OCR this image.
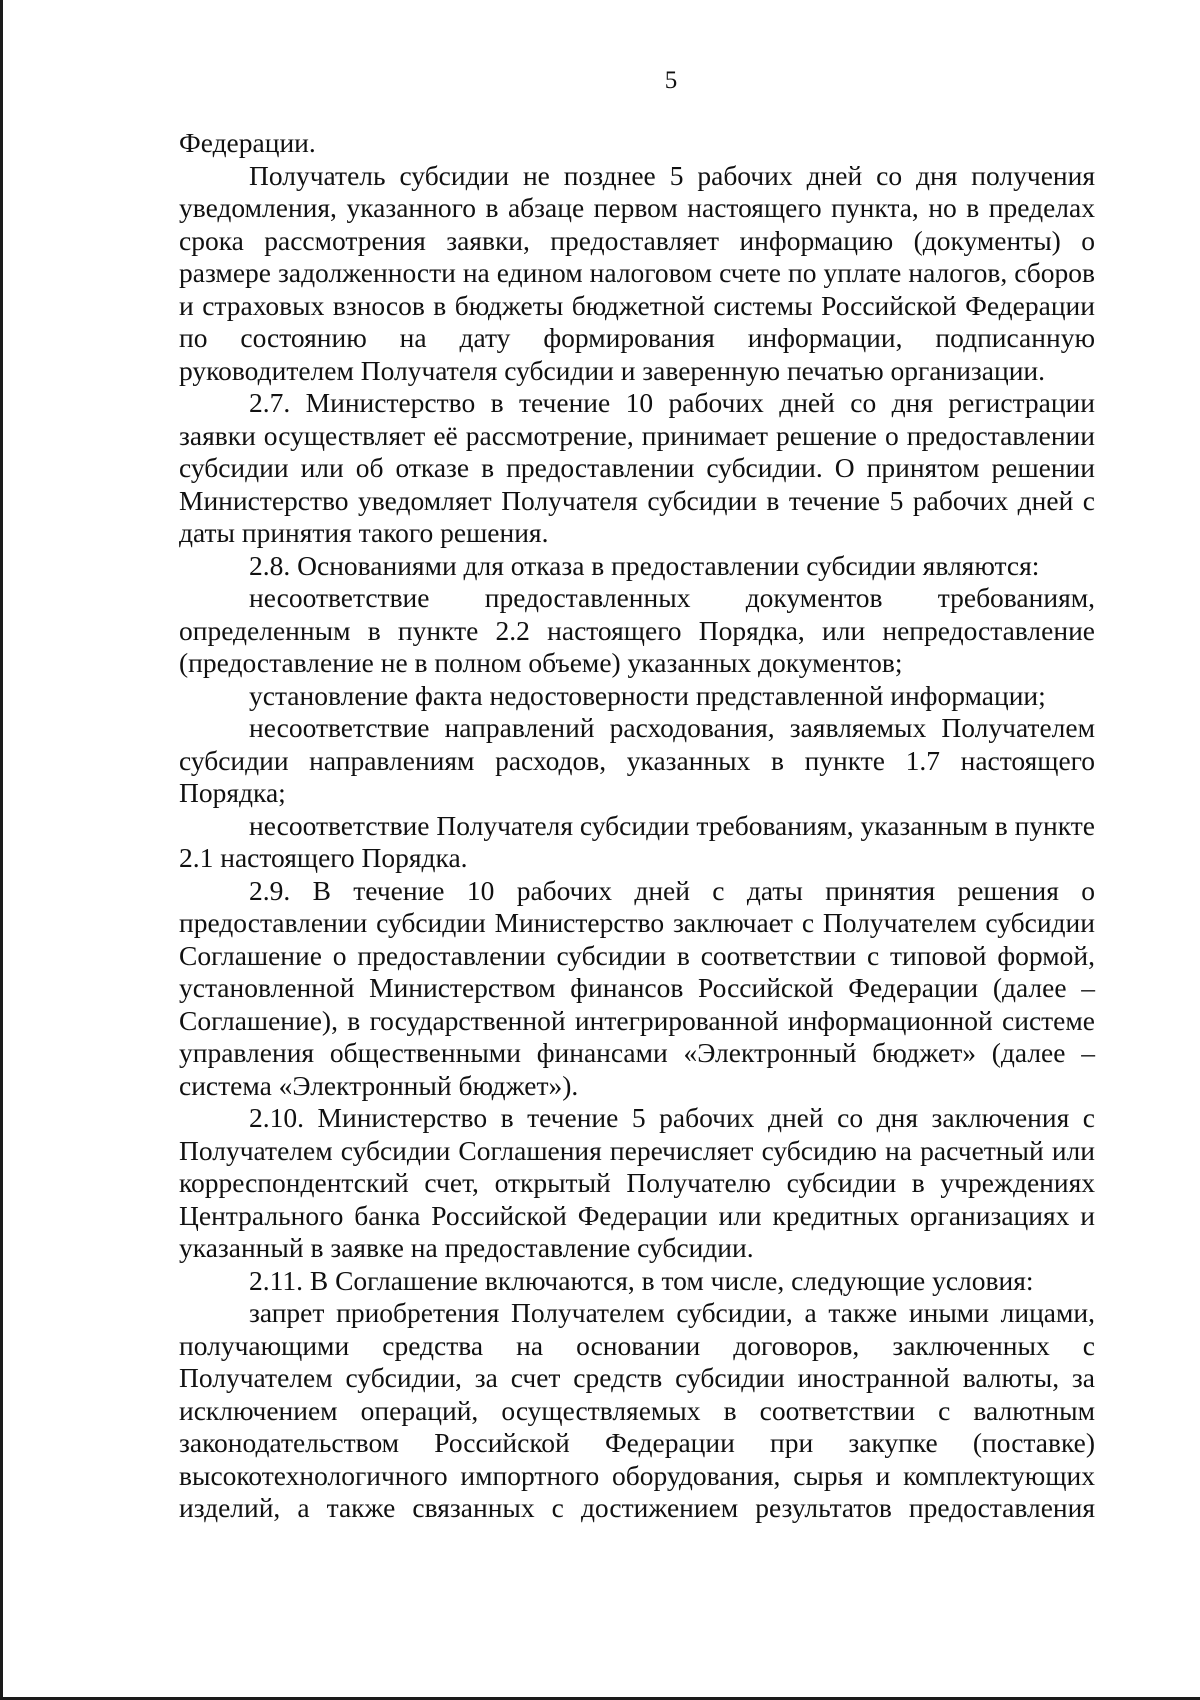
5

Федерации.

Получатель субсидии не позднее 5 рабочих дней со дня получения уведомления, указанного в абзаце первом настоящего пункта, но в пределах срока рассмотрения заявки, предоставляет информацию (документы) о размере задолженности на едином налоговом счете по уплате налогов, сборов и страховых взносов в бюджеты бюджетной системы Российской Федерации по состоянию на дату формирования информации, подписанную руководителем Получателя субсидии и заверенную печатью организации.

2.7. Министерство в течение 10 рабочих дней со дня регистрации заявки осуществляет её рассмотрение, принимает решение о предоставлении субсидии или об отказе в предоставлении субсидии. О принятом решении Министерство уведомляет Получателя субсидии в течение 5 рабочих дней с даты принятия такого решения.

2.8. Основаниями для отказа в предоставлении субсидии являются:

несоответствие предоставленных документов требованиям, определенным в пункте 2.2 настоящего Порядка, или непредоставление (предоставление не в полном объеме) указанных документов;

установление факта недостоверности представленной информации;

несоответствие направлений расходования, заявляемых Получателем субсидии направлениям расходов, указанных в пункте 1.7 настоящего Порядка;

несоответствие Получателя субсидии требованиям, указанным в пункте 2.1 настоящего Порядка.

2.9. В течение 10 рабочих дней с даты принятия решения о предоставлении субсидии Министерство заключает с Получателем субсидии Соглашение о предоставлении субсидии в соответствии с типовой формой, установленной Министерством финансов Российской Федерации (далее – Соглашение), в государственной интегрированной информационной системе управления общественными финансами «Электронный бюджет» (далее – система «Электронный бюджет»).

2.10. Министерство в течение 5 рабочих дней со дня заключения с Получателем субсидии Соглашения перечисляет субсидию на расчетный или корреспондентский счет, открытый Получателю субсидии в учреждениях Центрального банка Российской Федерации или кредитных организациях и указанный в заявке на предоставление субсидии.

2.11. В Соглашение включаются, в том числе, следующие условия:

запрет приобретения Получателем субсидии, а также иными лицами, получающими средства на основании договоров, заключенных с Получателем субсидии, за счет средств субсидии иностранной валюты, за исключением операций, осуществляемых в соответствии с валютным законодательством Российской Федерации при закупке (поставке) высокотехнологичного импортного оборудования, сырья и комплектующих изделий, а также связанных с достижением результатов предоставления
